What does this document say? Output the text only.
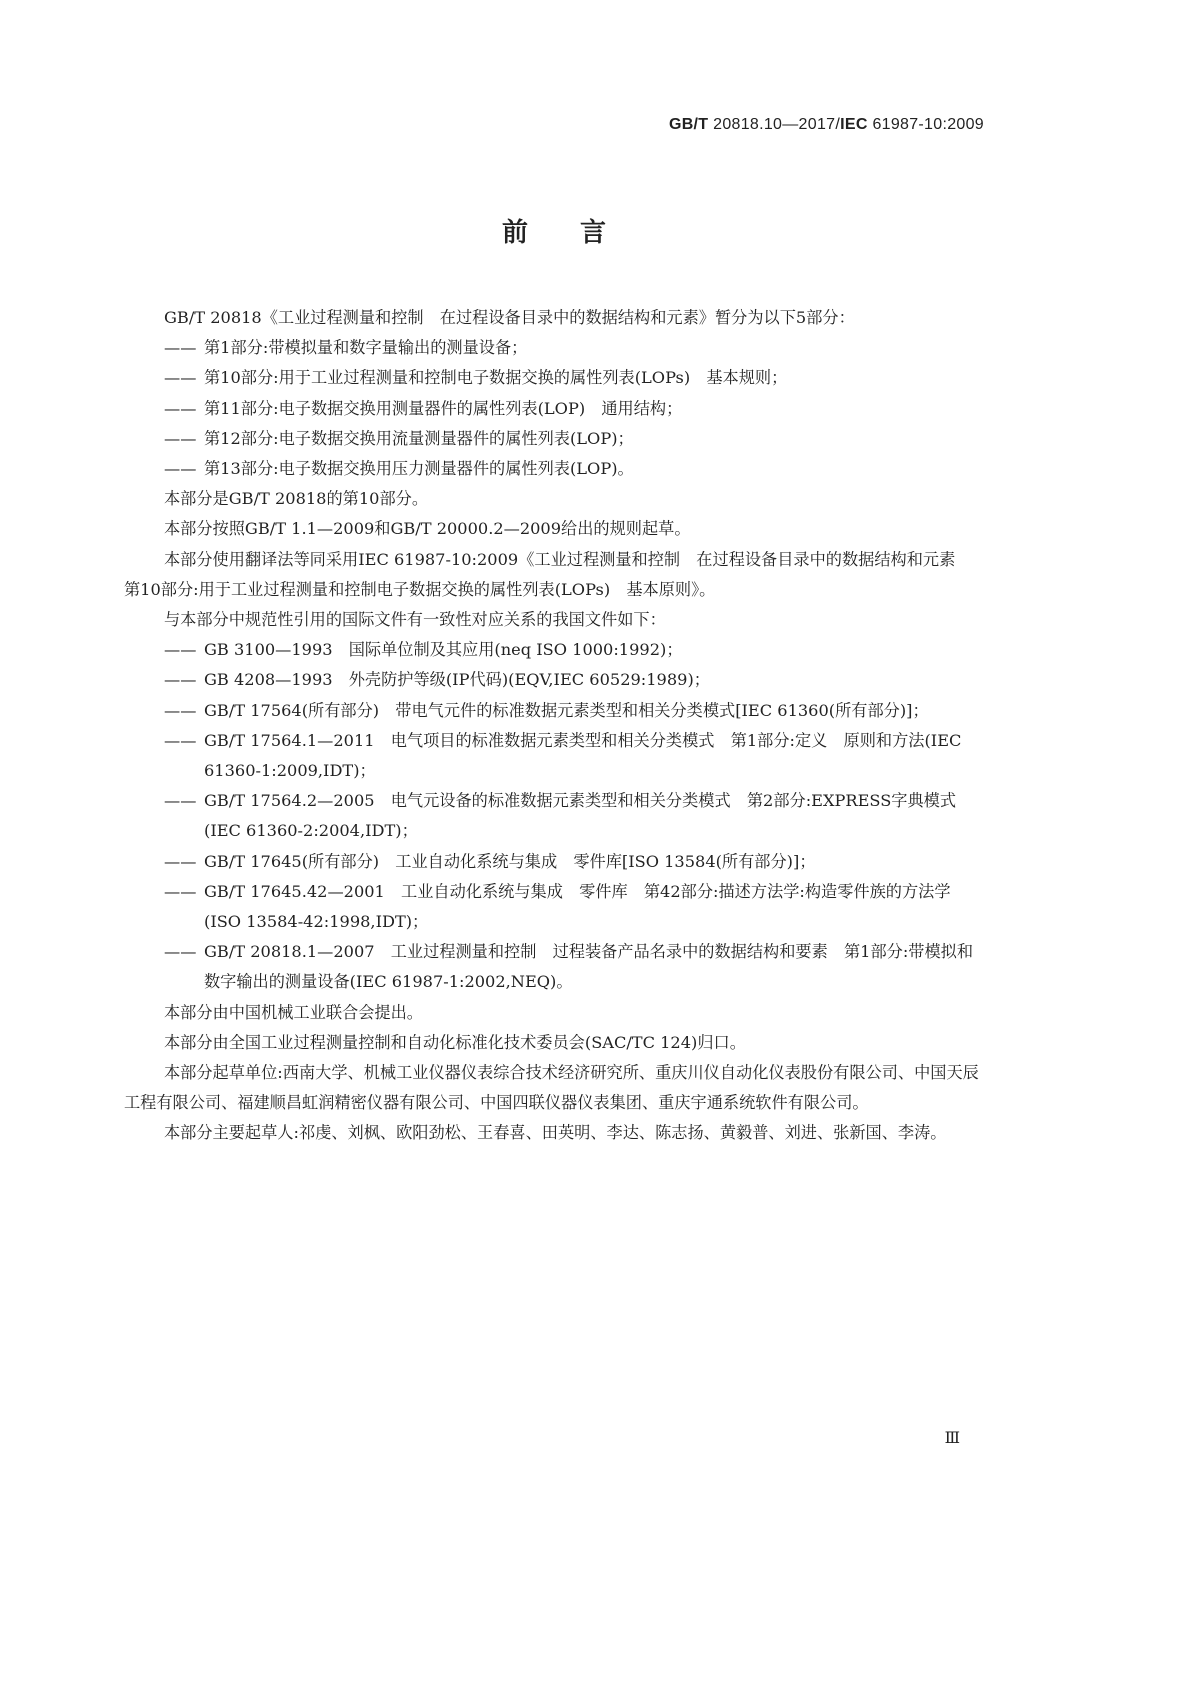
GB/T 20818.10—2017/IEC 61987-10:2009
前言

GB/T 20818《工业过程测量和控制　在过程设备目录中的数据结构和元素》暂分为以下5部分：

—— 第1部分:带模拟量和数字量输出的测量设备；
—— 第10部分:用于工业过程测量和控制电子数据交换的属性列表(LOPs)　基本规则；
—— 第11部分:电子数据交换用测量器件的属性列表(LOP)　通用结构；
—— 第12部分:电子数据交换用流量测量器件的属性列表(LOP)；
—— 第13部分:电子数据交换用压力测量器件的属性列表(LOP)。

本部分是GB/T 20818的第10部分。

本部分按照GB/T 1.1—2009和GB/T 20000.2—2009给出的规则起草。

本部分使用翻译法等同采用IEC 61987-10:2009《工业过程测量和控制　在过程设备目录中的数据结构和元素　第10部分:用于工业过程测量和控制电子数据交换的属性列表(LOPs)　基本原则》。

与本部分中规范性引用的国际文件有一致性对应关系的我国文件如下：

—— GB 3100—1993　国际单位制及其应用(neq ISO 1000:1992)；
—— GB 4208—1993　外壳防护等级(IP代码)(EQV,IEC 60529:1989)；
—— GB/T 17564(所有部分)　带电气元件的标准数据元素类型和相关分类模式[IEC 61360(所有部分)]；
—— GB/T 17564.1—2011　电气项目的标准数据元素类型和相关分类模式　第1部分:定义　原则和方法(IEC 61360-1:2009,IDT)；
—— GB/T 17564.2—2005　电气元设备的标准数据元素类型和相关分类模式　第2部分:EXPRESS字典模式(IEC 61360-2:2004,IDT)；
—— GB/T 17645(所有部分)　工业自动化系统与集成　零件库[ISO 13584(所有部分)]；
—— GB/T 17645.42—2001　工业自动化系统与集成　零件库　第42部分:描述方法学:构造零件族的方法学(ISO 13584-42:1998,IDT)；
—— GB/T 20818.1—2007　工业过程测量和控制　过程装备产品名录中的数据结构和要素　第1部分:带模拟和数字输出的测量设备(IEC 61987-1:2002,NEQ)。

本部分由中国机械工业联合会提出。

本部分由全国工业过程测量控制和自动化标准化技术委员会(SAC/TC 124)归口。

本部分起草单位:西南大学、机械工业仪器仪表综合技术经济研究所、重庆川仪自动化仪表股份有限公司、中国天辰工程有限公司、福建顺昌虹润精密仪器有限公司、中国四联仪器仪表集团、重庆宇通系统软件有限公司。

本部分主要起草人:祁虔、刘枫、欧阳劲松、王春喜、田英明、李达、陈志扬、黄毅普、刘进、张新国、李涛。

Ⅲ
